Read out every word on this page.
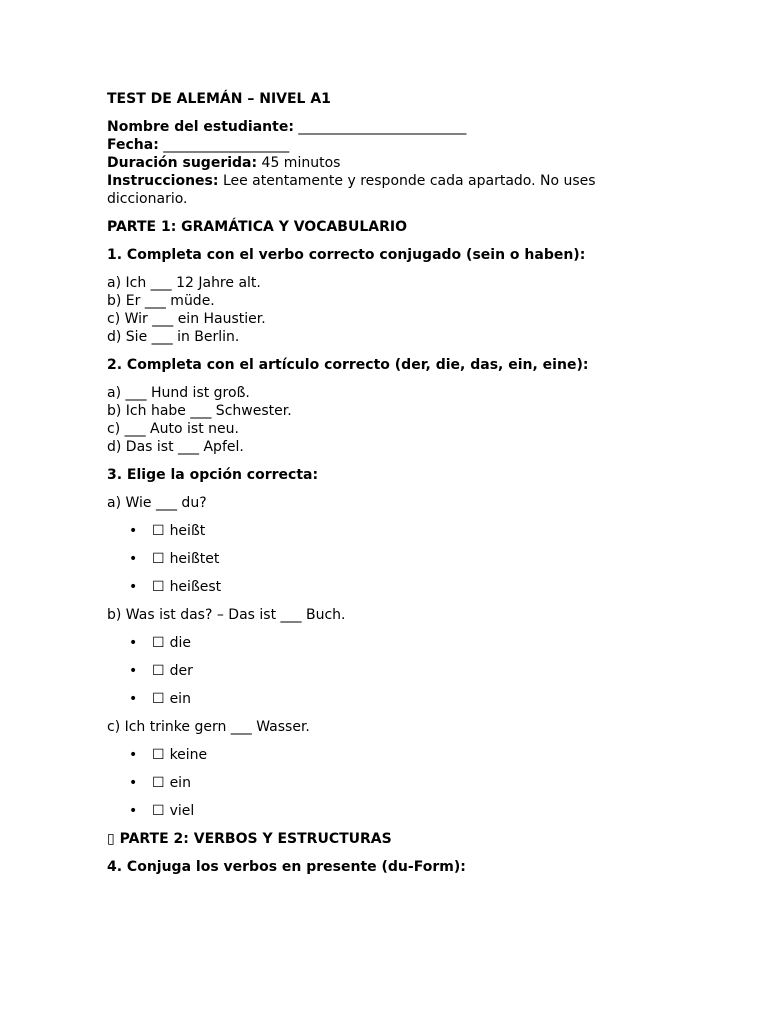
TEST DE ALEMÁN – NIVEL A1

Nombre del estudiante: ________________________
Fecha: __________________
Duración sugerida: 45 minutos
Instrucciones: Lee atentamente y responde cada apartado. No uses diccionario.

PARTE 1: GRAMÁTICA Y VOCABULARIO

1. Completa con el verbo correcto conjugado (sein o haben):

a) Ich ___ 12 Jahre alt.
b) Er ___ müde.
c) Wir ___ ein Haustier.
d) Sie ___ in Berlin.

2. Completa con el artículo correcto (der, die, das, ein, eine):

a) ___ Hund ist groß.
b) Ich habe ___ Schwester.
c) ___ Auto ist neu.
d) Das ist ___ Apfel.

3. Elige la opción correcta:

a) Wie ___ du?

• ☐ heißt
• ☐ heißtet
• ☐ heißest

b) Was ist das? – Das ist ___ Buch.

• ☐ die
• ☐ der
• ☐ ein

c) Ich trinke gern ___ Wasser.

• ☐ keine
• ☐ ein
• ☐ viel

▯ PARTE 2: VERBOS Y ESTRUCTURAS

4. Conjuga los verbos en presente (du-Form):
